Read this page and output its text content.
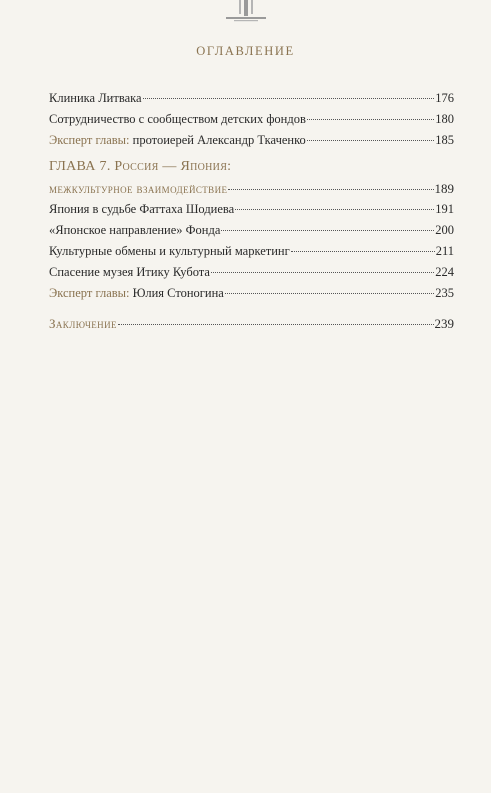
ОГЛАВЛЕНИЕ
Клиника Литвака	176
Сотрудничество с сообществом детских фондов	180
Эксперт главы: протоиерей Александр Ткаченко	185
ГЛАВА 7. Россия — Япония:
межкультурное взаимодействие	189
Япония в судьбе Фаттаха Шодиева	191
«Японское направление» Фонда	200
Культурные обмены и культурный маркетинг	211
Спасение музея Итику Кубота	224
Эксперт главы: Юлия Стоногина	235
Заключение	239
